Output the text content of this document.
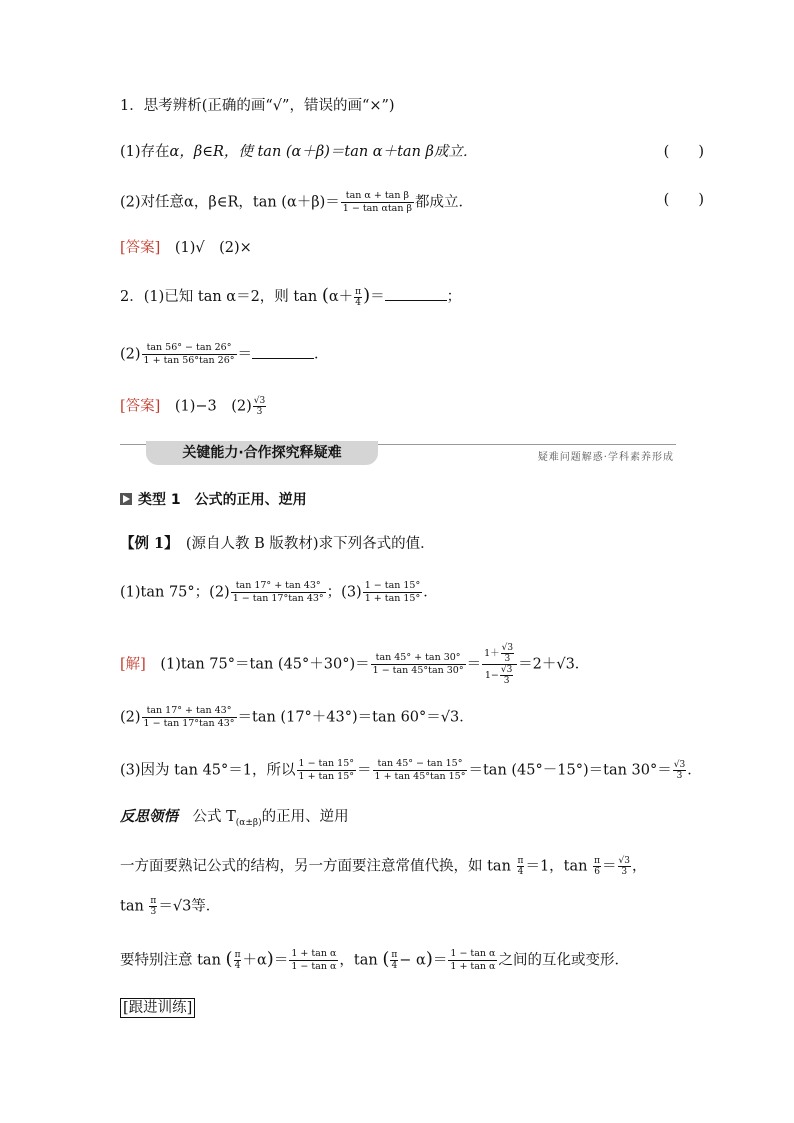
1．思考辨析(正确的画“√”，错误的画“×”)
(1)存在α，β∈R，使 tan (α＋β)＝tan α＋tan β成立．	(　　)
(2)对任意α，β∈R，$\tan (\alpha+\beta)= \frac{\text{tan α + tan β}}{\text{1 − tan αtan β}}$ 都成立．	(　　)
[答案]　 (1)√　(2)×
2．(1)已知 tan α＝2，则 $\tan (\alpha+ \frac{\pi}{4}$ )＝	；
$(2) \frac{\tan 56^\circ - \tan 26^\circ}{1 + \tan 56^\circ\tan 26^\circ}$ ＝	．
[答案]　 (1)−3　$(2) \frac{√3}{3}$
关键能力·合作探究释疑难	疑难问题解惑·学科素养形成
类型 1　公式的正用、逆用
【例 1】　(源自人教 B 版教材)求下列各式的值．
(1)tan 75°；$(2) \frac{\tan 17^\circ + \tan 43^\circ}{1 - \tan 17^\circ\tan 43^\circ}$ ；$(3) \frac{1 - \tan 15^\circ}{1 + \tan 15^\circ}$ ．
[解]　(1)tan 75°＝tan $(45^\circ+30^\circ)= \frac{\tan 45^\circ + \tan 30^\circ}{1 - \tan 45^\circ\tan 30^\circ} = \frac{1+ \frac{√3}{3}}{1- \frac{√3}{3}} =2+√3$．
$(2) \frac{\tan 17^\circ + \tan 43^\circ}{1 - \tan 17^\circ\tan 43^\circ} =\tan$ (17°＋43°)＝tan 60°＝√3．
(3)因为 tan 45°＝1，所以 $\frac{1 - \tan 15^\circ}{1 + \tan 15^\circ} = \frac{\tan 45^\circ - \tan 15^\circ}{1 + \tan 45^\circ\tan 15^\circ} =\tan$ (45°－15°)＝tan $30^\circ= \frac{√3}{3}$ ．
反思领悟　公式 $T_{(\alpha\pm\beta)}$的正用、逆用
一方面要熟记公式的结构，另一方面要注意常值代换，如 $\tan \frac{\pi}{4} =1$，$\tan \frac{\pi}{6} = \frac{√3}{3}$ ，
$\tan \frac{\pi}{3} =√3$等．
要特别注意 tan ( $\frac{\pi}{4} +\alpha)= \frac{\text{1 + tan α}}{\text{1 − tan α}}$ ，tan ( $\frac{\pi}{4} - \alpha)= \frac{\text{1 − tan α}}{\text{1 + tan α}}$ 之间的互化或变形．
[跟进训练]
